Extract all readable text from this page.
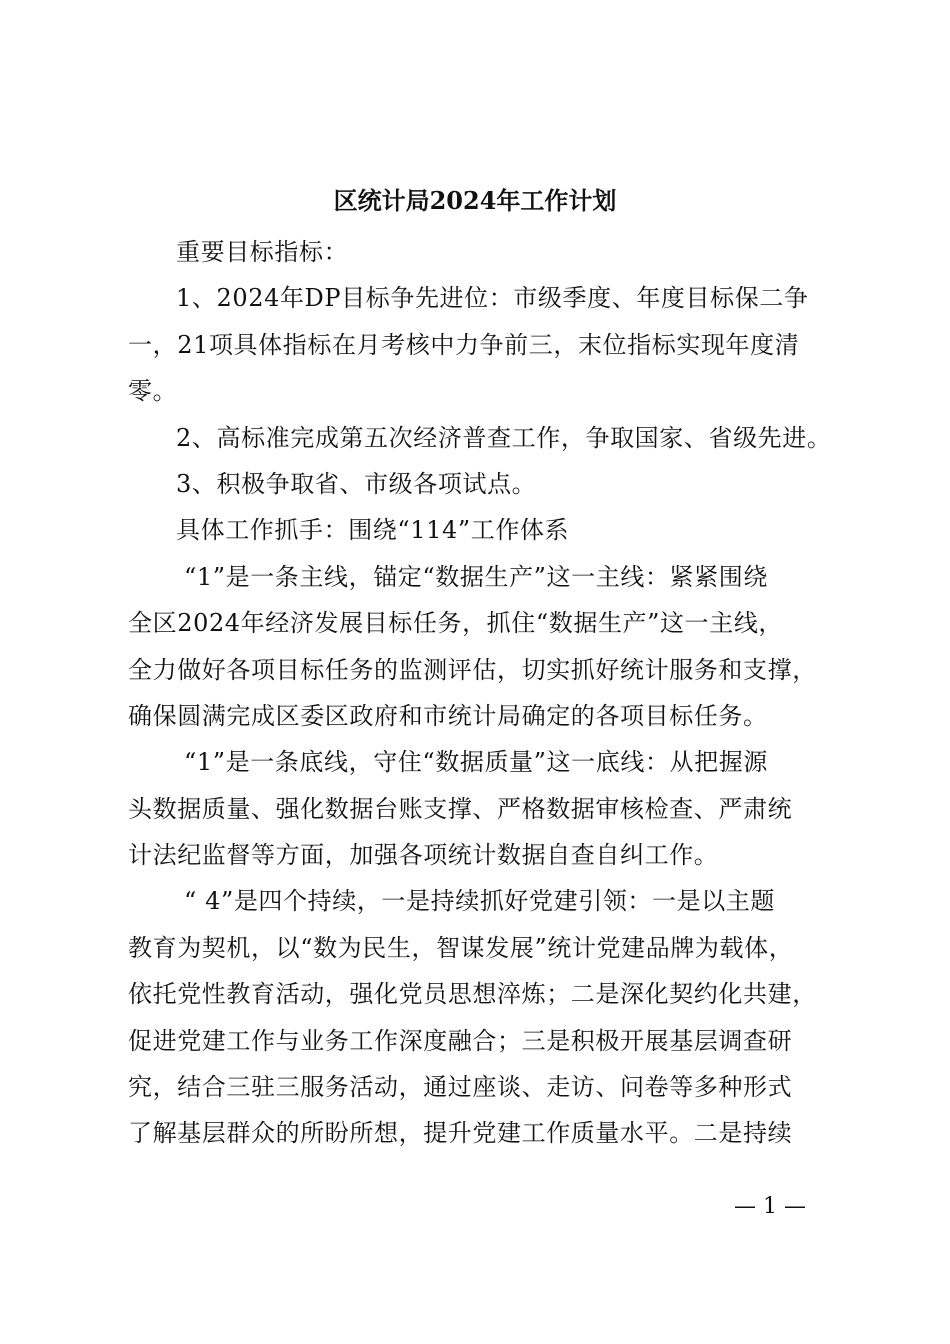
区统计局2024年工作计划
重要目标指标：
1、2024年DP目标争先进位：市级季度、年度目标保二争
一，21项具体指标在月考核中力争前三，末位指标实现年度清
零。
2、高标准完成第五次经济普查工作，争取国家、省级先进。
3、积极争取省、市级各项试点。
具体工作抓手：围绕“114”工作体系
“1”是一条主线，锚定“数据生产”这一主线：紧紧围绕
全区2024年经济发展目标任务，抓住“数据生产”这一主线，
全力做好各项目标任务的监测评估，切实抓好统计服务和支撑，
确保圆满完成区委区政府和市统计局确定的各项目标任务。
“1”是一条底线，守住“数据质量”这一底线：从把握源
头数据质量、强化数据台账支撑、严格数据审核检查、严肃统
计法纪监督等方面，加强各项统计数据自查自纠工作。
“ 4”是四个持续，一是持续抓好党建引领：一是以主题
教育为契机，以“数为民生，智谋发展”统计党建品牌为载体，
依托党性教育活动，强化党员思想淬炼；二是深化契约化共建，
促进党建工作与业务工作深度融合；三是积极开展基层调查研
究，结合三驻三服务活动，通过座谈、走访、问卷等多种形式
了解基层群众的所盼所想，提升党建工作质量水平。二是持续
— 1 —
